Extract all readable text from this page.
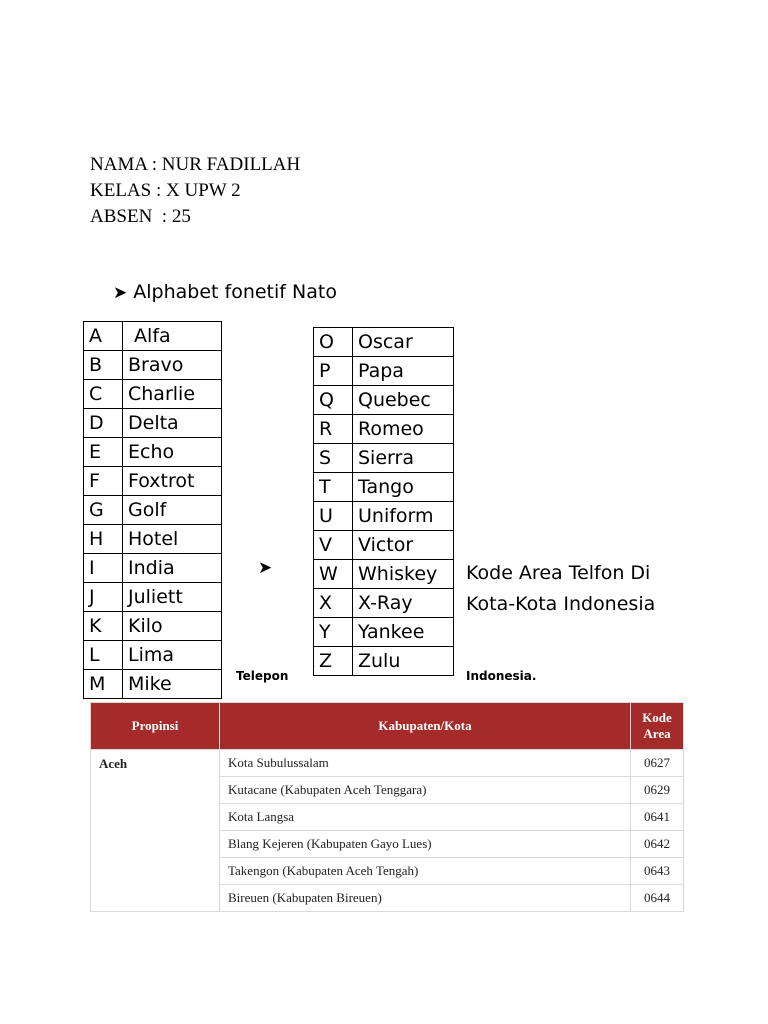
NAMA : NUR FADILLAH
KELAS : X UPW 2
ABSEN  : 25
➤ Alphabet fonetif Nato
A	Alfa
B	Bravo
C	Charlie
D	Delta
E	Echo
F	Foxtrot
G	Golf
H	Hotel
I	India
J	Juliett
K	Kilo
L	Lima
M	Mike
O	Oscar
P	Papa
Q	Quebec
R	Romeo
S	Sierra
T	Tango
U	Uniform
V	Victor
W	Whiskey
X	X-Ray
Y	Yankee
Z	Zulu
➤	Kode Area Telfon Di
Kota-Kota Indonesia
Telepon	Indonesia.
Propinsi	Kabupaten/Kota	Kode Area
Aceh	Kota Subulussalam	0627
	Kutacane (Kabupaten Aceh Tenggara)	0629
	Kota Langsa	0641
	Blang Kejeren (Kabupaten Gayo Lues)	0642
	Takengon (Kabupaten Aceh Tengah)	0643
	Bireuen (Kabupaten Bireuen)	0644
